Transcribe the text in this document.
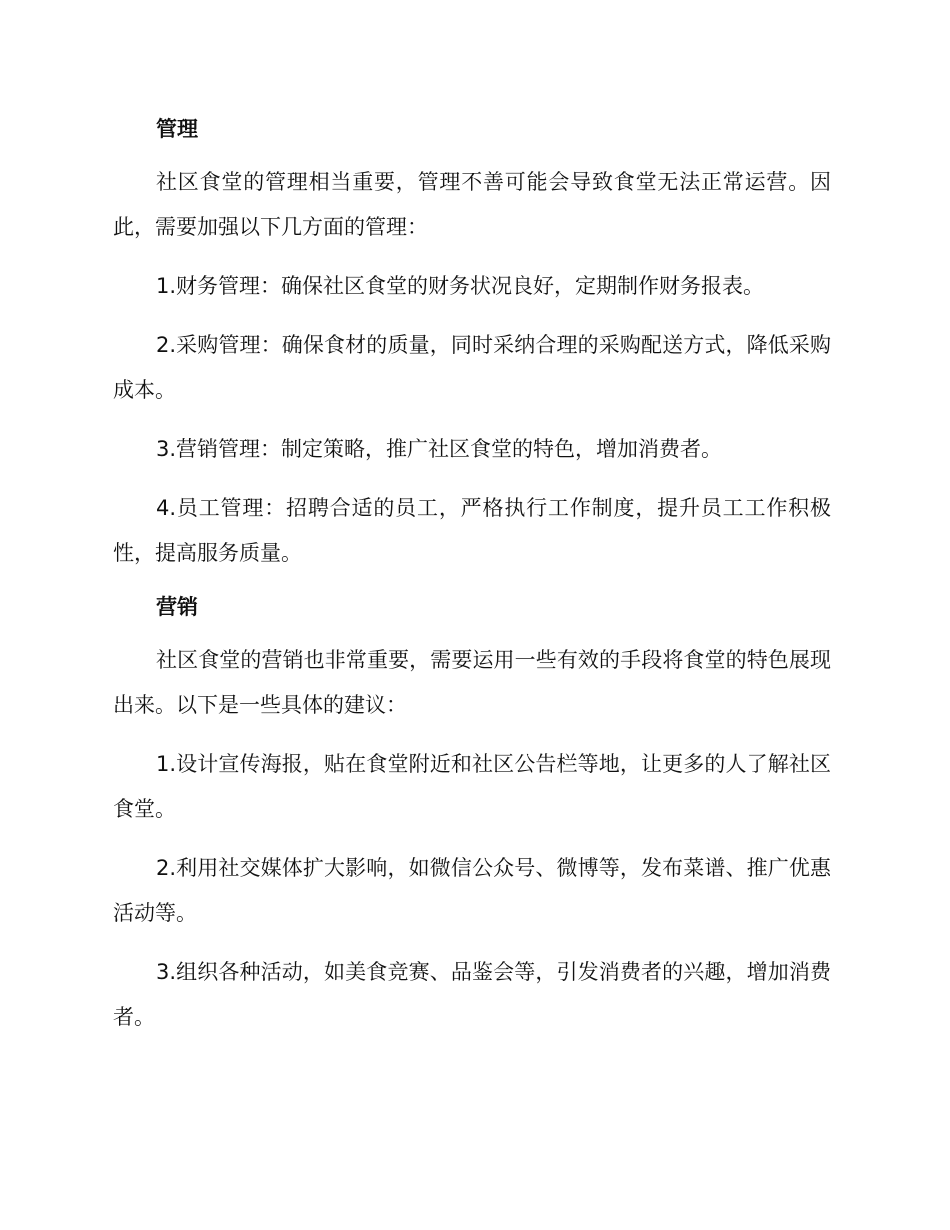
管理

社区食堂的管理相当重要，管理不善可能会导致食堂无法正常运营。因此，需要加强以下几方面的管理：

1.财务管理：确保社区食堂的财务状况良好，定期制作财务报表。

2.采购管理：确保食材的质量，同时采纳合理的采购配送方式，降低采购成本。

3.营销管理：制定策略，推广社区食堂的特色，增加消费者。

4.员工管理：招聘合适的员工，严格执行工作制度，提升员工工作积极性，提高服务质量。

营销

社区食堂的营销也非常重要，需要运用一些有效的手段将食堂的特色展现出来。以下是一些具体的建议：

1.设计宣传海报，贴在食堂附近和社区公告栏等地，让更多的人了解社区食堂。

2.利用社交媒体扩大影响，如微信公众号、微博等，发布菜谱、推广优惠活动等。

3.组织各种活动，如美食竞赛、品鉴会等，引发消费者的兴趣，增加消费者。
